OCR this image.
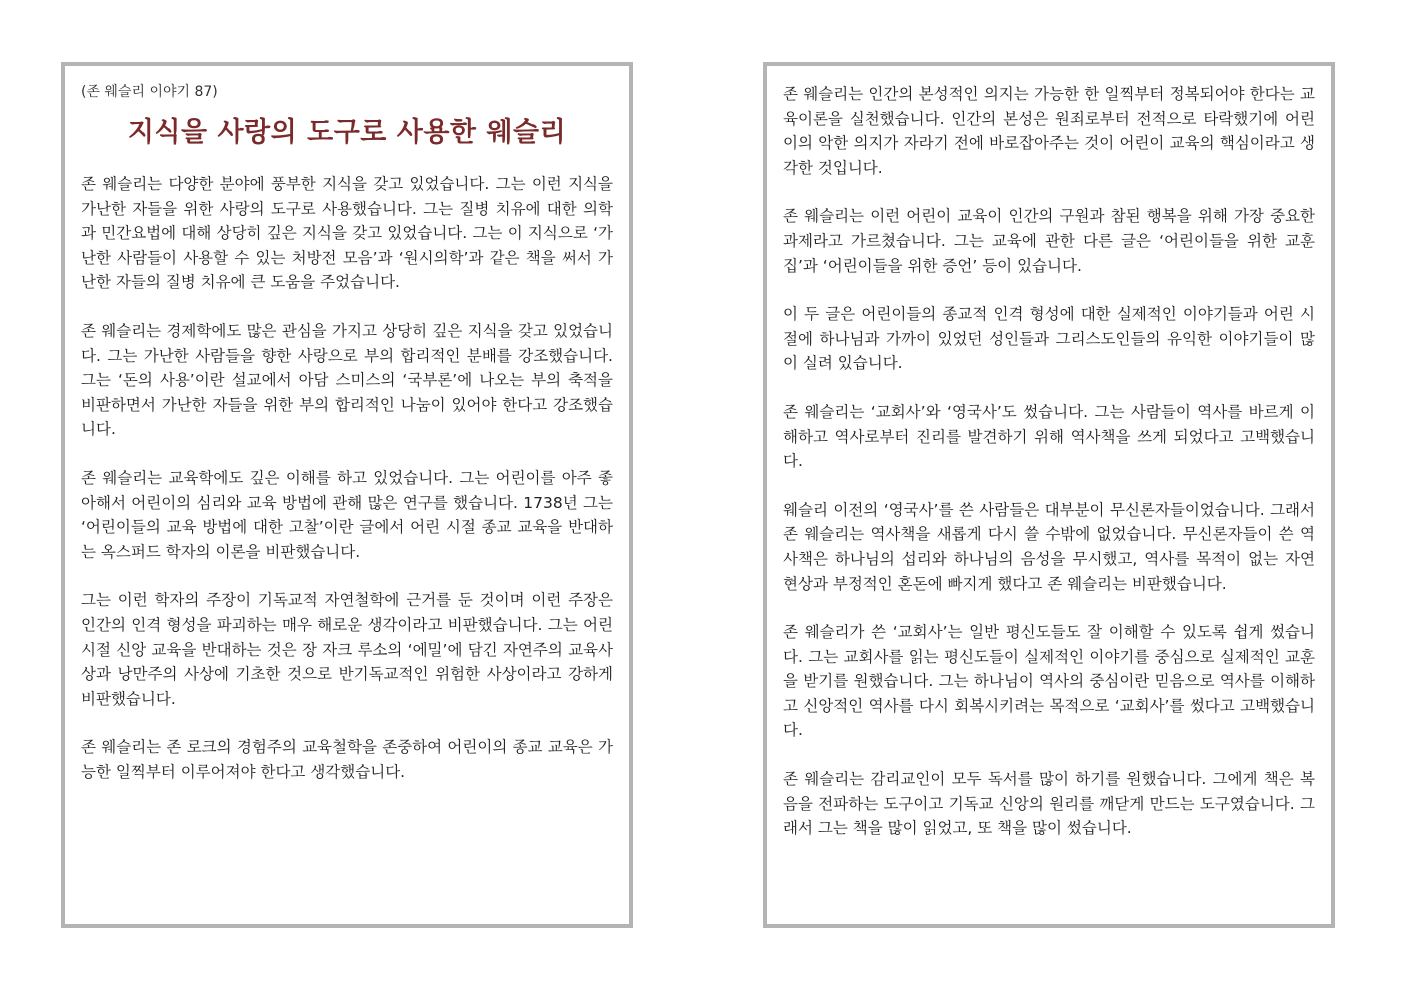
(존 웨슬리 이야기 87)
지식을 사랑의 도구로 사용한 웨슬리

존 웨슬리는 다양한 분야에 풍부한 지식을 갖고 있었습니다. 그는 이런 지식을 가난한 자들을 위한 사랑의 도구로 사용했습니다. 그는 질병 치유에 대한 의학과 민간요법에 대해 상당히 깊은 지식을 갖고 있었습니다. 그는 이 지식으로 ‘가난한 사람들이 사용할 수 있는 처방전 모음’과 ‘원시의학’과 같은 책을 써서 가난한 자들의 질병 치유에 큰 도움을 주었습니다.

존 웨슬리는 경제학에도 많은 관심을 가지고 상당히 깊은 지식을 갖고 있었습니다. 그는 가난한 사람들을 향한 사랑으로 부의 합리적인 분배를 강조했습니다. 그는 ‘돈의 사용’이란 설교에서 아담 스미스의 ‘국부론’에 나오는 부의 축적을 비판하면서 가난한 자들을 위한 부의 합리적인 나눔이 있어야 한다고 강조했습니다.

존 웨슬리는 교육학에도 깊은 이해를 하고 있었습니다. 그는 어린이를 아주 좋아해서 어린이의 심리와 교육 방법에 관해 많은 연구를 했습니다. 1738년 그는 ‘어린이들의 교육 방법에 대한 고찰’이란 글에서 어린 시절 종교 교육을 반대하는 옥스퍼드 학자의 이론을 비판했습니다.

그는 이런 학자의 주장이 기독교적 자연철학에 근거를 둔 것이며 이런 주장은 인간의 인격 형성을 파괴하는 매우 해로운 생각이라고 비판했습니다. 그는 어린 시절 신앙 교육을 반대하는 것은 장 자크 루소의 ‘에밀’에 담긴 자연주의 교육사상과 낭만주의 사상에 기초한 것으로 반기독교적인 위험한 사상이라고 강하게 비판했습니다.

존 웨슬리는 존 로크의 경험주의 교육철학을 존중하여 어린이의 종교 교육은 가능한 일찍부터 이루어져야 한다고 생각했습니다.

존 웨슬리는 인간의 본성적인 의지는 가능한 한 일찍부터 정복되어야 한다는 교육이론을 실천했습니다. 인간의 본성은 원죄로부터 전적으로 타락했기에 어린이의 악한 의지가 자라기 전에 바로잡아주는 것이 어린이 교육의 핵심이라고 생각한 것입니다.

존 웨슬리는 이런 어린이 교육이 인간의 구원과 참된 행복을 위해 가장 중요한 과제라고 가르쳤습니다. 그는 교육에 관한 다른 글은 ‘어린이들을 위한 교훈집’과 ‘어린이들을 위한 증언’ 등이 있습니다.

이 두 글은 어린이들의 종교적 인격 형성에 대한 실제적인 이야기들과 어린 시절에 하나님과 가까이 있었던 성인들과 그리스도인들의 유익한 이야기들이 많이 실려 있습니다.

존 웨슬리는 ‘교회사’와 ‘영국사’도 썼습니다. 그는 사람들이 역사를 바르게 이해하고 역사로부터 진리를 발견하기 위해 역사책을 쓰게 되었다고 고백했습니다.

웨슬리 이전의 ‘영국사’를 쓴 사람들은 대부분이 무신론자들이었습니다. 그래서 존 웨슬리는 역사책을 새롭게 다시 쓸 수밖에 없었습니다. 무신론자들이 쓴 역사책은 하나님의 섭리와 하나님의 음성을 무시했고, 역사를 목적이 없는 자연 현상과 부정적인 혼돈에 빠지게 했다고 존 웨슬리는 비판했습니다.

존 웨슬리가 쓴 ‘교회사’는 일반 평신도들도 잘 이해할 수 있도록 쉽게 썼습니다. 그는 교회사를 읽는 평신도들이 실제적인 이야기를 중심으로 실제적인 교훈을 받기를 원했습니다. 그는 하나님이 역사의 중심이란 믿음으로 역사를 이해하고 신앙적인 역사를 다시 회복시키려는 목적으로 ‘교회사’를 썼다고 고백했습니다.

존 웨슬리는 감리교인이 모두 독서를 많이 하기를 원했습니다. 그에게 책은 복음을 전파하는 도구이고 기독교 신앙의 원리를 깨닫게 만드는 도구였습니다. 그래서 그는 책을 많이 읽었고, 또 책을 많이 썼습니다.
